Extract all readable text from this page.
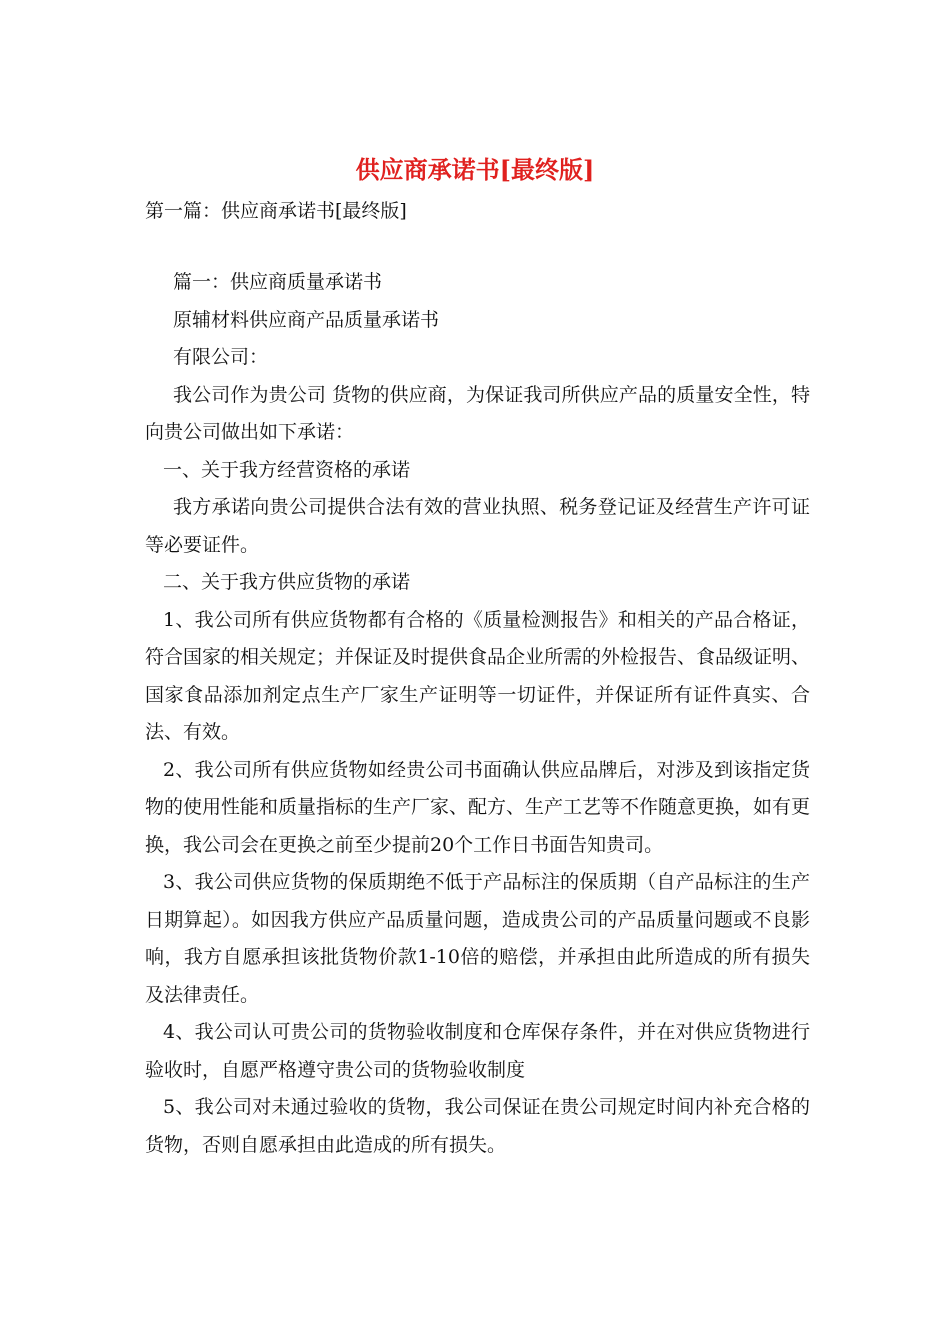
供应商承诺书[最终版]
第一篇：供应商承诺书[最终版]

篇一：供应商质量承诺书

原辅材料供应商产品质量承诺书

有限公司：

我公司作为贵公司 货物的供应商，为保证我司所供应产品的质量安全性，特向贵公司做出如下承诺：

一、关于我方经营资格的承诺

我方承诺向贵公司提供合法有效的营业执照、税务登记证及经营生产许可证等必要证件。

二、关于我方供应货物的承诺

1、我公司所有供应货物都有合格的《质量检测报告》和相关的产品合格证，符合国家的相关规定；并保证及时提供食品企业所需的外检报告、食品级证明、国家食品添加剂定点生产厂家生产证明等一切证件，并保证所有证件真实、合法、有效。

2、我公司所有供应货物如经贵公司书面确认供应品牌后，对涉及到该指定货物的使用性能和质量指标的生产厂家、配方、生产工艺等不作随意更换，如有更换，我公司会在更换之前至少提前20个工作日书面告知贵司。

3、我公司供应货物的保质期绝不低于产品标注的保质期（自产品标注的生产日期算起）。如因我方供应产品质量问题，造成贵公司的产品质量问题或不良影响，我方自愿承担该批货物价款1-10倍的赔偿，并承担由此所造成的所有损失及法律责任。

4、我公司认可贵公司的货物验收制度和仓库保存条件，并在对供应货物进行验收时，自愿严格遵守贵公司的货物验收制度

5、我公司对未通过验收的货物，我公司保证在贵公司规定时间内补充合格的货物，否则自愿承担由此造成的所有损失。
